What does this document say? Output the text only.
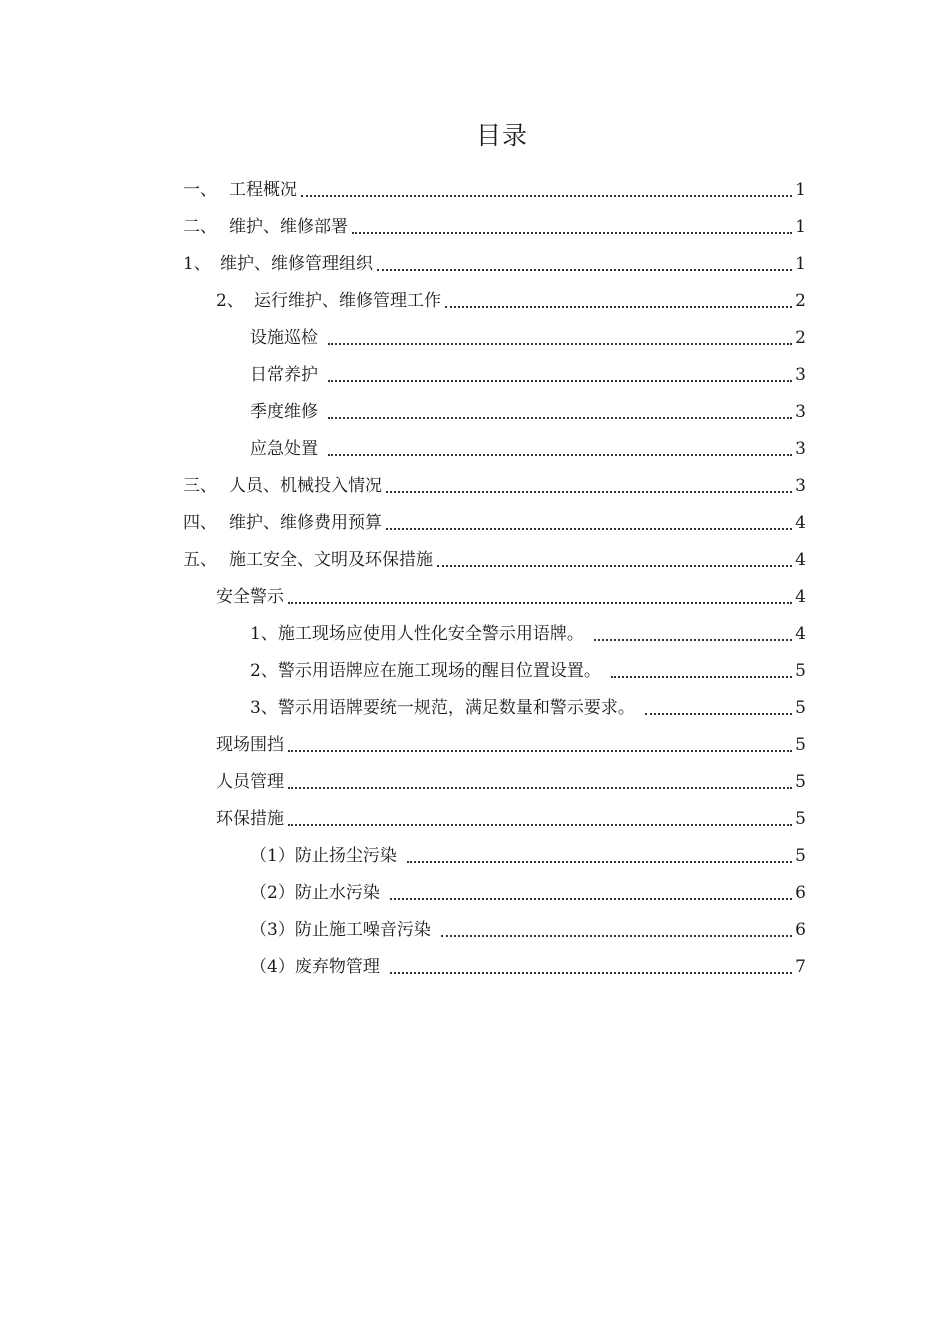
目录
一、 工程概况	1
二、 维护、维修部署	1
1、 维护、维修管理组织	1
2、 运行维护、维修管理工作	2
设施巡检	2
日常养护	3
季度维修	3
应急处置	3
三、 人员、机械投入情况	3
四、 维护、维修费用预算	4
五、 施工安全、文明及环保措施	4
安全警示	4
1、施工现场应使用人性化安全警示用语牌。	4
2、警示用语牌应在施工现场的醒目位置设置。	5
3、警示用语牌要统一规范，满足数量和警示要求。	5
现场围挡	5
人员管理	5
环保措施	5
（1）防止扬尘污染	5
（2）防止水污染	6
（3）防止施工噪音污染	6
（4）废弃物管理	7
